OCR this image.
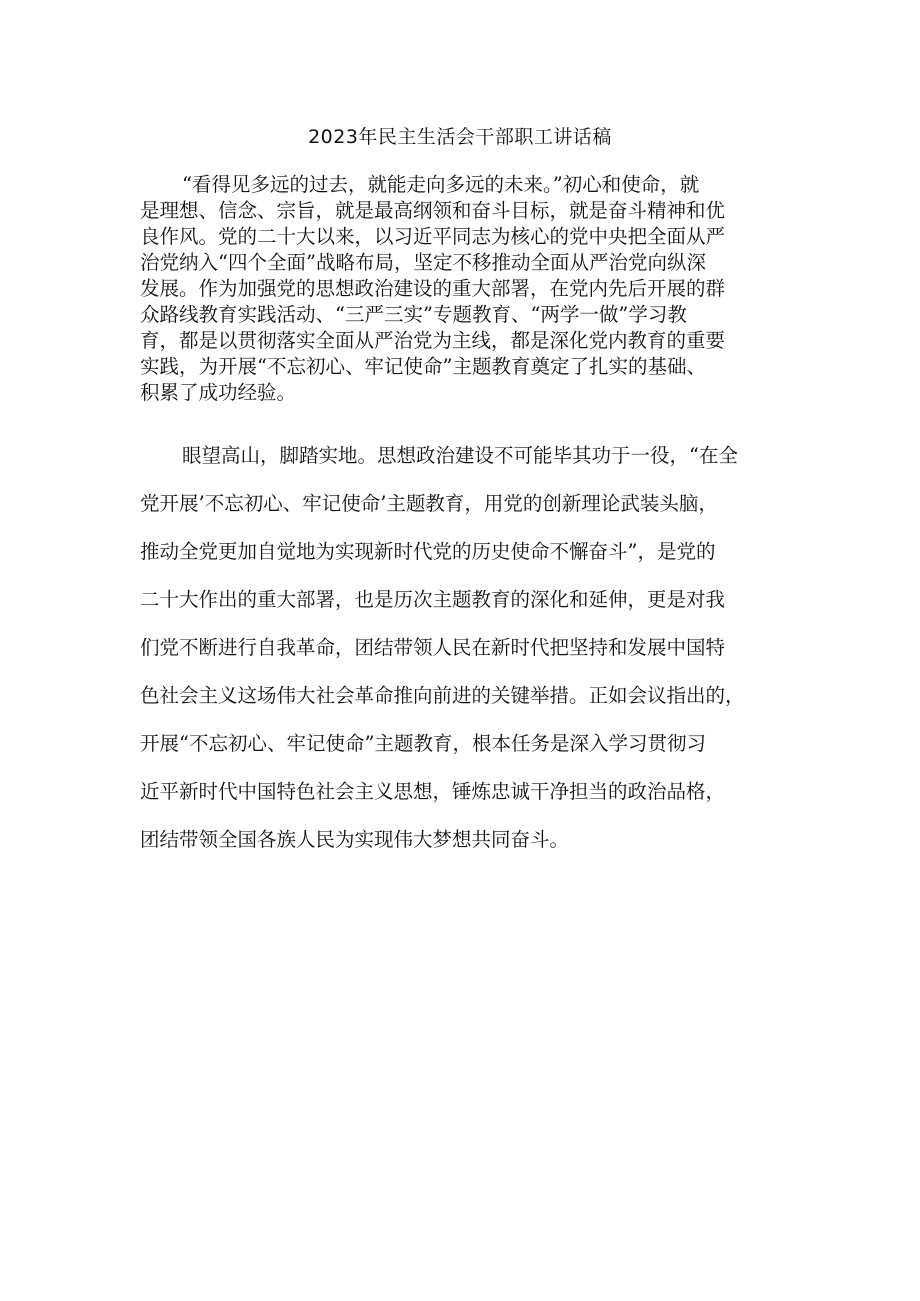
2023年民主生活会干部职工讲话稿
“看得见多远的过去，就能走向多远的未来。”初心和使命，就
是理想、信念、宗旨，就是最高纲领和奋斗目标，就是奋斗精神和优
良作风。党的二十大以来，以习近平同志为核心的党中央把全面从严
治党纳入“四个全面”战略布局，坚定不移推动全面从严治党向纵深
发展。作为加强党的思想政治建设的重大部署，在党内先后开展的群
众路线教育实践活动、“三严三实”专题教育、“两学一做”学习教
育，都是以贯彻落实全面从严治党为主线，都是深化党内教育的重要
实践，为开展“不忘初心、牢记使命”主题教育奠定了扎实的基础、
积累了成功经验。
眼望高山，脚踏实地。思想政治建设不可能毕其功于一役，“在全
党开展’不忘初心、牢记使命’主题教育，用党的创新理论武装头脑，
推动全党更加自觉地为实现新时代党的历史使命不懈奋斗”，是党的
二十大作出的重大部署，也是历次主题教育的深化和延伸，更是对我
们党不断进行自我革命，团结带领人民在新时代把坚持和发展中国特
色社会主义这场伟大社会革命推向前进的关键举措。正如会议指出的，
开展“不忘初心、牢记使命”主题教育，根本任务是深入学习贯彻习
近平新时代中国特色社会主义思想，锤炼忠诚干净担当的政治品格，
团结带领全国各族人民为实现伟大梦想共同奋斗。
